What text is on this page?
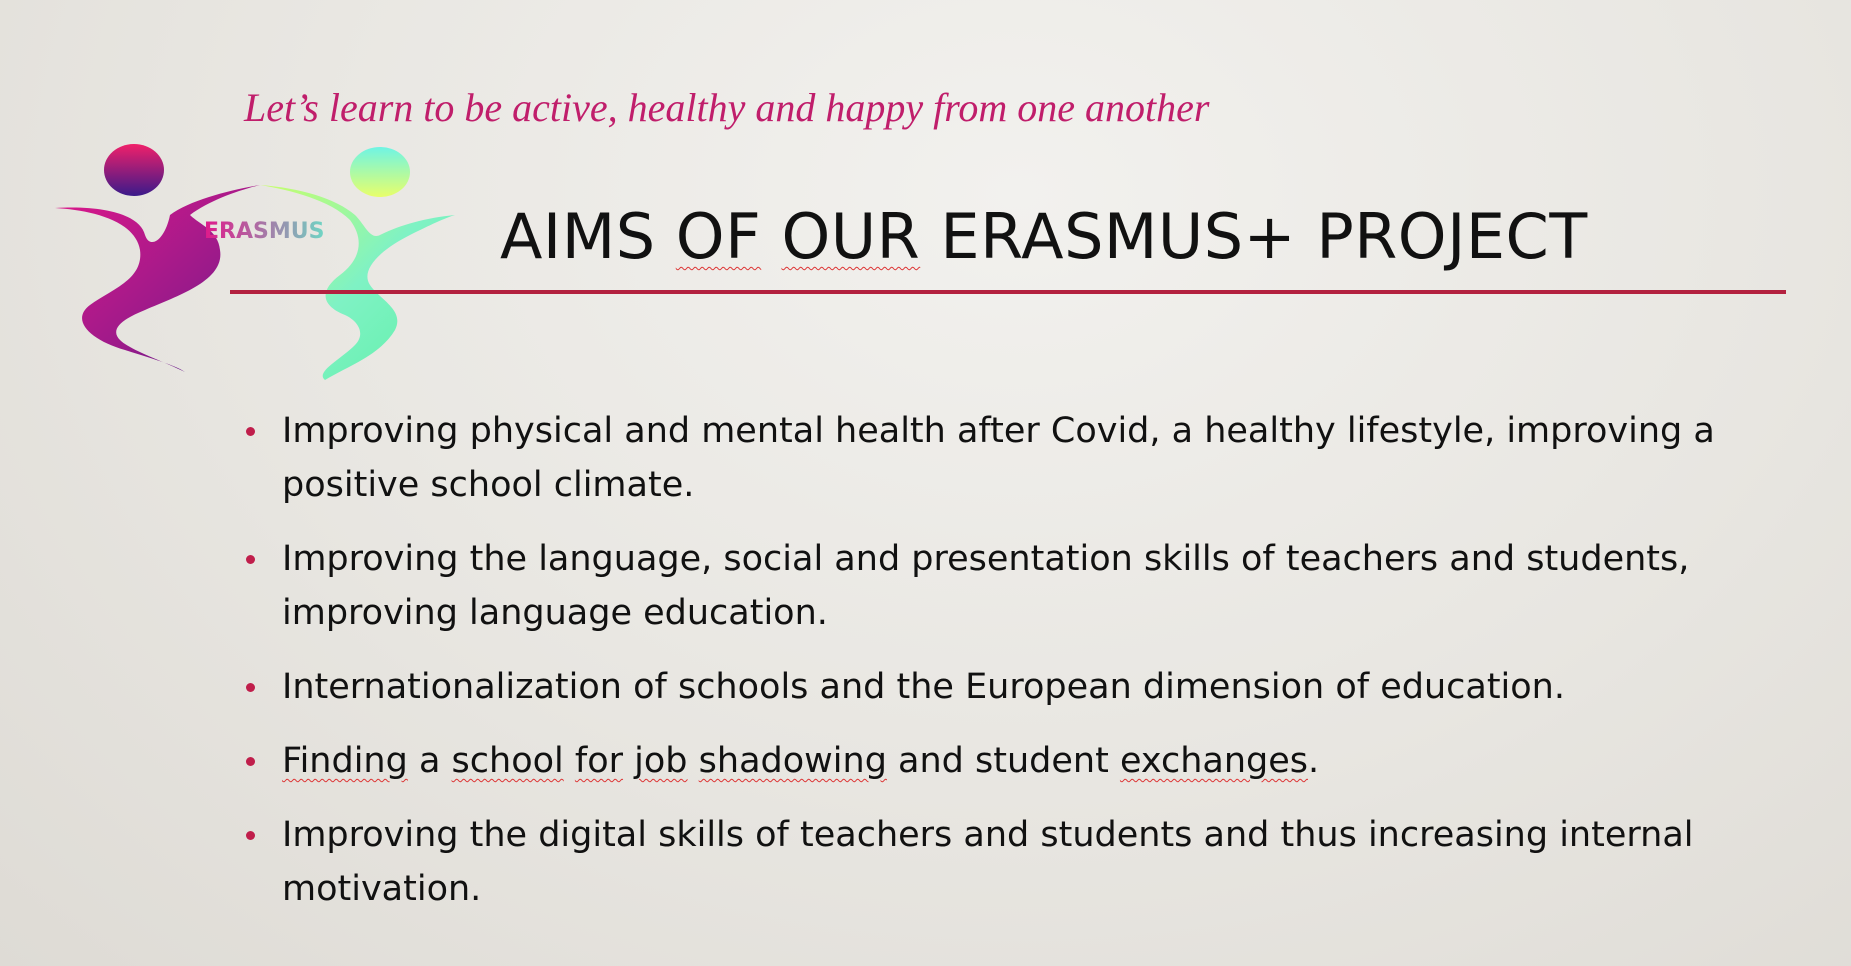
Let’s learn to be active, healthy and happy from one another
ERASMUS	AIMS OF OUR ERASMUS+ PROJECT
Improving physical and mental health after Covid, a healthy lifestyle, improving a positive school climate.
Improving the language, social and presentation skills of teachers and students, improving language education.
Internationalization of schools and the European dimension of education.
Finding a school for job shadowing and student exchanges.
Improving the digital skills of teachers and students and thus increasing internal motivation.
